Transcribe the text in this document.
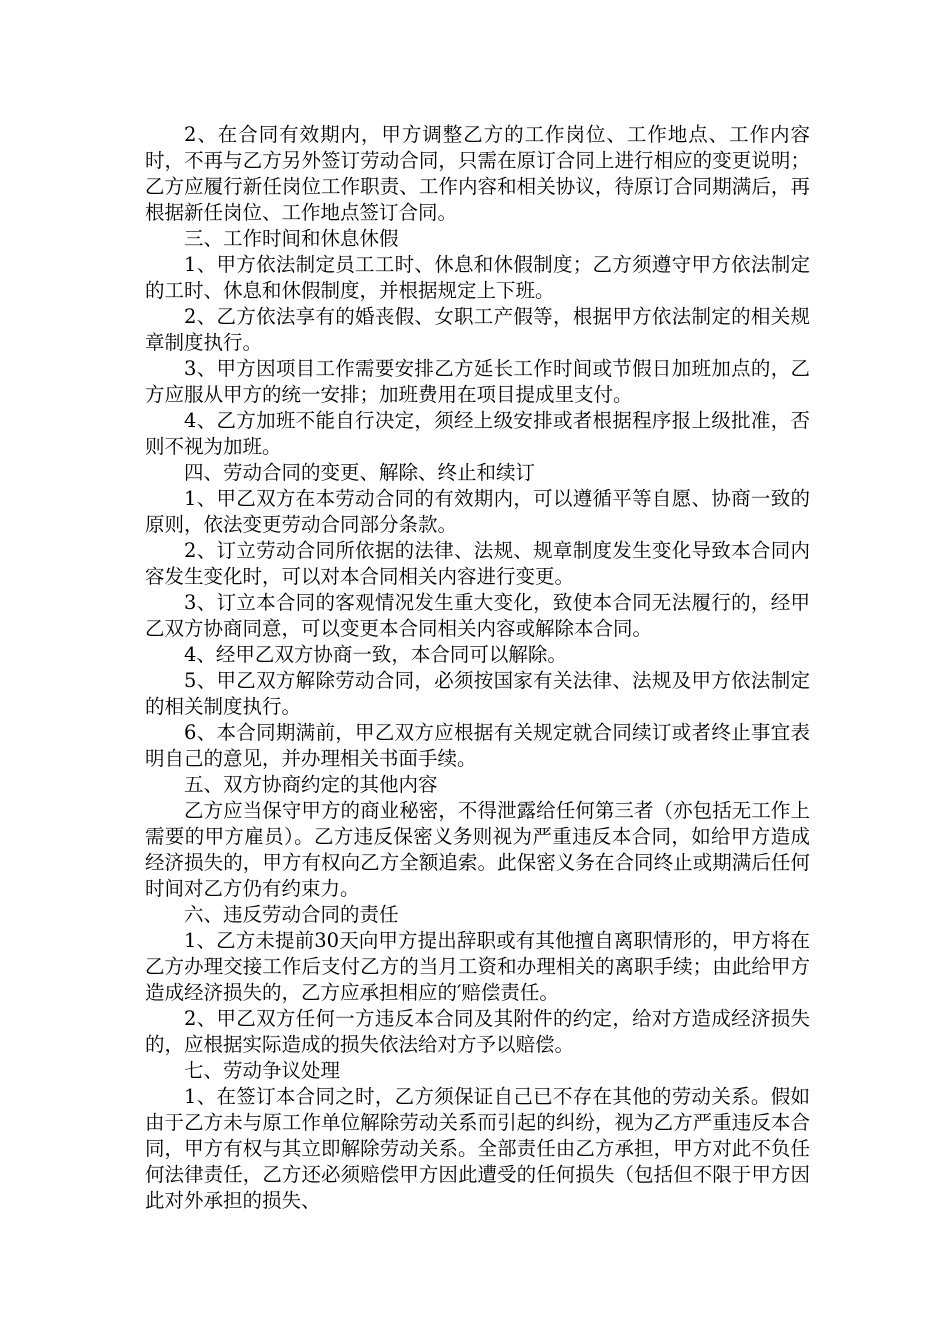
2、在合同有效期内，甲方调整乙方的工作岗位、工作地点、工作内容时，不再与乙方另外签订劳动合同，只需在原订合同上进行相应的变更说明；乙方应履行新任岗位工作职责、工作内容和相关协议，待原订合同期满后，再根据新任岗位、工作地点签订合同。

三、工作时间和休息休假

1、甲方依法制定员工工时、休息和休假制度；乙方须遵守甲方依法制定的工时、休息和休假制度，并根据规定上下班。

2、乙方依法享有的婚丧假、女职工产假等，根据甲方依法制定的相关规章制度执行。

3、甲方因项目工作需要安排乙方延长工作时间或节假日加班加点的，乙方应服从甲方的统一安排；加班费用在项目提成里支付。

4、乙方加班不能自行决定，须经上级安排或者根据程序报上级批准，否则不视为加班。

四、劳动合同的变更、解除、终止和续订

1、甲乙双方在本劳动合同的有效期内，可以遵循平等自愿、协商一致的原则，依法变更劳动合同部分条款。

2、订立劳动合同所依据的法律、法规、规章制度发生变化导致本合同内容发生变化时，可以对本合同相关内容进行变更。

3、订立本合同的客观情况发生重大变化，致使本合同无法履行的，经甲乙双方协商同意，可以变更本合同相关内容或解除本合同。

4、经甲乙双方协商一致，本合同可以解除。

5、甲乙双方解除劳动合同，必须按国家有关法律、法规及甲方依法制定的相关制度执行。

6、本合同期满前，甲乙双方应根据有关规定就合同续订或者终止事宜表明自己的意见，并办理相关书面手续。

五、双方协商约定的其他内容

乙方应当保守甲方的商业秘密，不得泄露给任何第三者（亦包括无工作上需要的甲方雇员）。乙方违反保密义务则视为严重违反本合同，如给甲方造成经济损失的，甲方有权向乙方全额追索。此保密义务在合同终止或期满后任何时间对乙方仍有约束力。

六、违反劳动合同的责任

1、乙方未提前30天向甲方提出辞职或有其他擅自离职情形的，甲方将在乙方办理交接工作后支付乙方的当月工资和办理相关的离职手续；由此给甲方造成经济损失的，乙方应承担相应的′赔偿责任。

2、甲乙双方任何一方违反本合同及其附件的约定，给对方造成经济损失的，应根据实际造成的损失依法给对方予以赔偿。

七、劳动争议处理

1、在签订本合同之时，乙方须保证自己已不存在其他的劳动关系。假如由于乙方未与原工作单位解除劳动关系而引起的纠纷，视为乙方严重违反本合同，甲方有权与其立即解除劳动关系。全部责任由乙方承担，甲方对此不负任何法律责任，乙方还必须赔偿甲方因此遭受的任何损失（包括但不限于甲方因此对外承担的损失、
